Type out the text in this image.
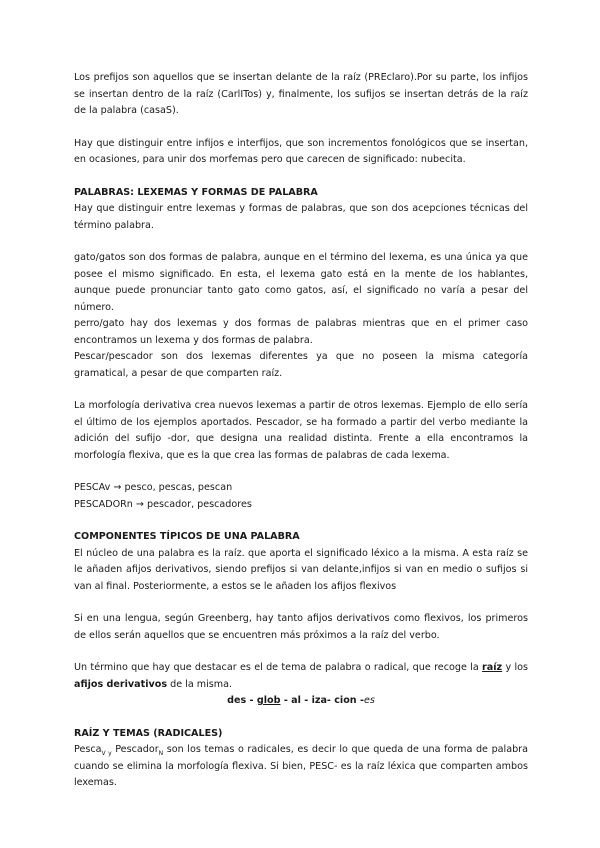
Los prefijos son aquellos que se insertan delante de la raíz (PREclaro).Por su parte, los infijos se insertan dentro de la raíz (CarlITos) y, finalmente, los sufijos se insertan detrás de la raíz de la palabra (casaS).

Hay que distinguir entre infijos e interfijos, que son incrementos fonológicos que se insertan, en ocasiones, para unir dos morfemas pero que carecen de significado: nubecita.

PALABRAS: LEXEMAS Y FORMAS DE PALABRA

Hay que distinguir entre lexemas y formas de palabras, que son dos acepciones técnicas del término palabra.

gato/gatos son dos formas de palabra, aunque en el término del lexema, es una única ya que posee el mismo significado. En esta, el lexema gato está en la mente de los hablantes, aunque puede pronunciar tanto gato como gatos, así, el significado no varía a pesar del número.

perro/gato hay dos lexemas y dos formas de palabras mientras que en el primer caso encontramos un lexema y dos formas de palabra.

Pescar/pescador son dos lexemas diferentes ya que no poseen la misma categoría gramatical, a pesar de que comparten raíz.

La morfología derivativa crea nuevos lexemas a partir de otros lexemas. Ejemplo de ello sería el último de los ejemplos aportados. Pescador, se ha formado a partir del verbo mediante la adición del sufijo -dor, que designa una realidad distinta. Frente a ella encontramos la morfología flexiva, que es la que crea las formas de palabras de cada lexema.

PESCAv → pesco, pescas, pescan

PESCADORn → pescador, pescadores

COMPONENTES TÍPICOS DE UNA PALABRA

El núcleo de una palabra es la raíz. que aporta el significado léxico a la misma. A esta raíz se le añaden afijos derivativos, siendo prefijos si van delante,infijos si van en medio o sufijos si van al final. Posteriormente, a estos se le añaden los afijos flexivos

Si en una lengua, según Greenberg, hay tanto afijos derivativos como flexivos, los primeros de ellos serán aquellos que se encuentren más próximos a la raíz del verbo.

Un término que hay que destacar es el de tema de palabra o radical, que recoge la raíz y los afijos derivativos de la misma.

des - glob - al - iza- cion -es

RAÍZ Y TEMAS (RADICALES)

Pesca$_{V y}$ Pescador$_N$ son los temas o radicales, es decir lo que queda de una forma de palabra cuando se elimina la morfología flexiva. Si bien, PESC- es la raíz léxica que comparten ambos lexemas.
